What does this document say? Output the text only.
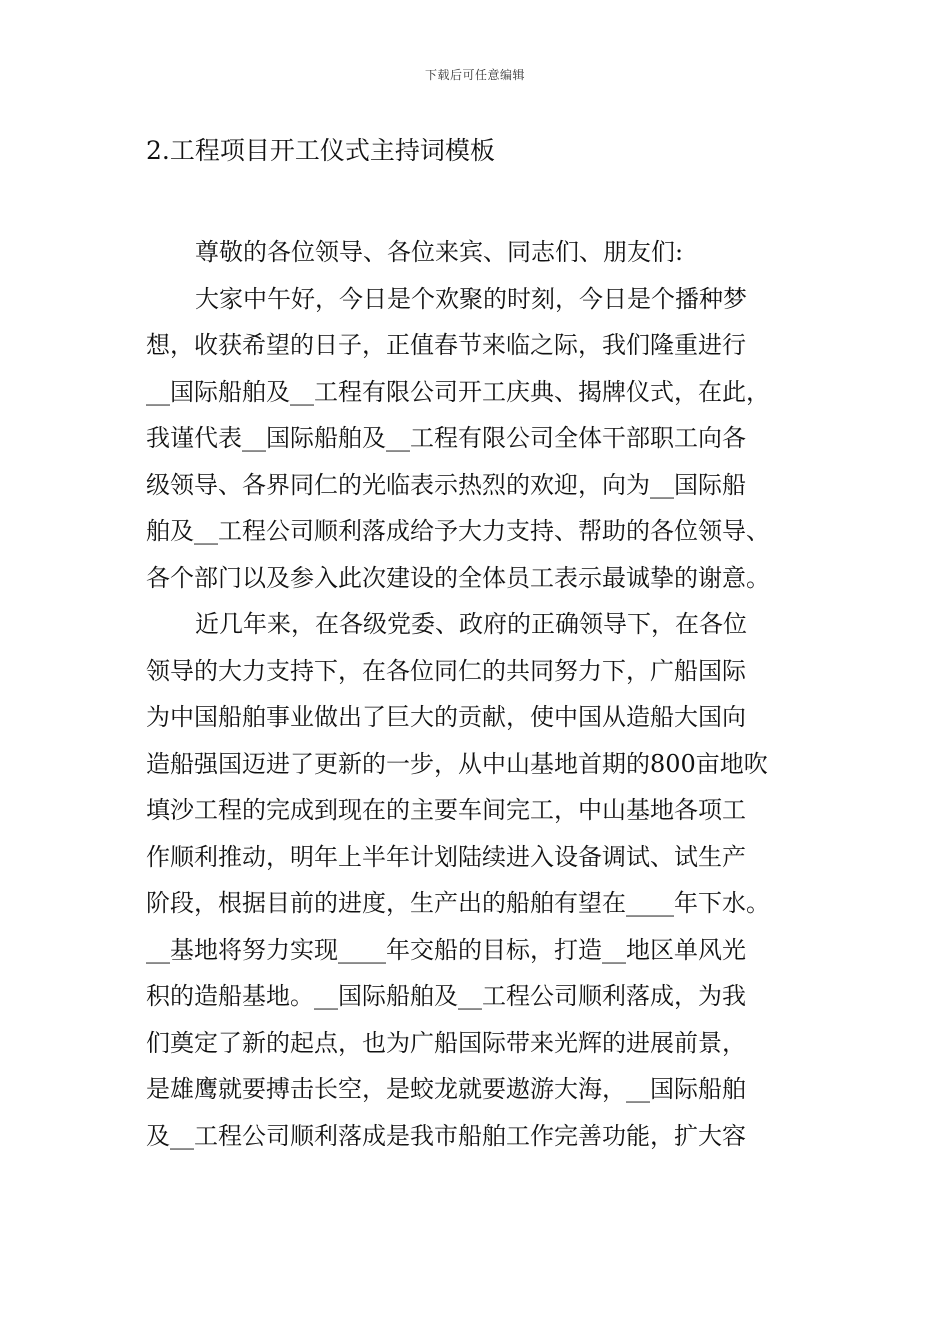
下载后可任意编辑
2.工程项目开工仪式主持词模板
尊敬的各位领导、各位来宾、同志们、朋友们:
大家中午好，今日是个欢聚的时刻，今日是个播种梦
想，收获希望的日子，正值春节来临之际，我们隆重进行
__国际船舶及__工程有限公司开工庆典、揭牌仪式，在此，
我谨代表__国际船舶及__工程有限公司全体干部职工向各
级领导、各界同仁的光临表示热烈的欢迎，向为__国际船
舶及__工程公司顺利落成给予大力支持、帮助的各位领导、
各个部门以及参入此次建设的全体员工表示最诚挚的谢意。
近几年来，在各级党委、政府的正确领导下，在各位
领导的大力支持下，在各位同仁的共同努力下，广船国际
为中国船舶事业做出了巨大的贡献，使中国从造船大国向
造船强国迈进了更新的一步，从中山基地首期的800亩地吹
填沙工程的完成到现在的主要车间完工，中山基地各项工
作顺利推动，明年上半年计划陆续进入设备调试、试生产
阶段，根据目前的进度，生产出的船舶有望在____年下水。
__基地将努力实现____年交船的目标，打造__地区单风光
积的造船基地。__国际船舶及__工程公司顺利落成，为我
们奠定了新的起点，也为广船国际带来光辉的进展前景，
是雄鹰就要搏击长空，是蛟龙就要遨游大海，__国际船舶
及__工程公司顺利落成是我市船舶工作完善功能，扩大容
